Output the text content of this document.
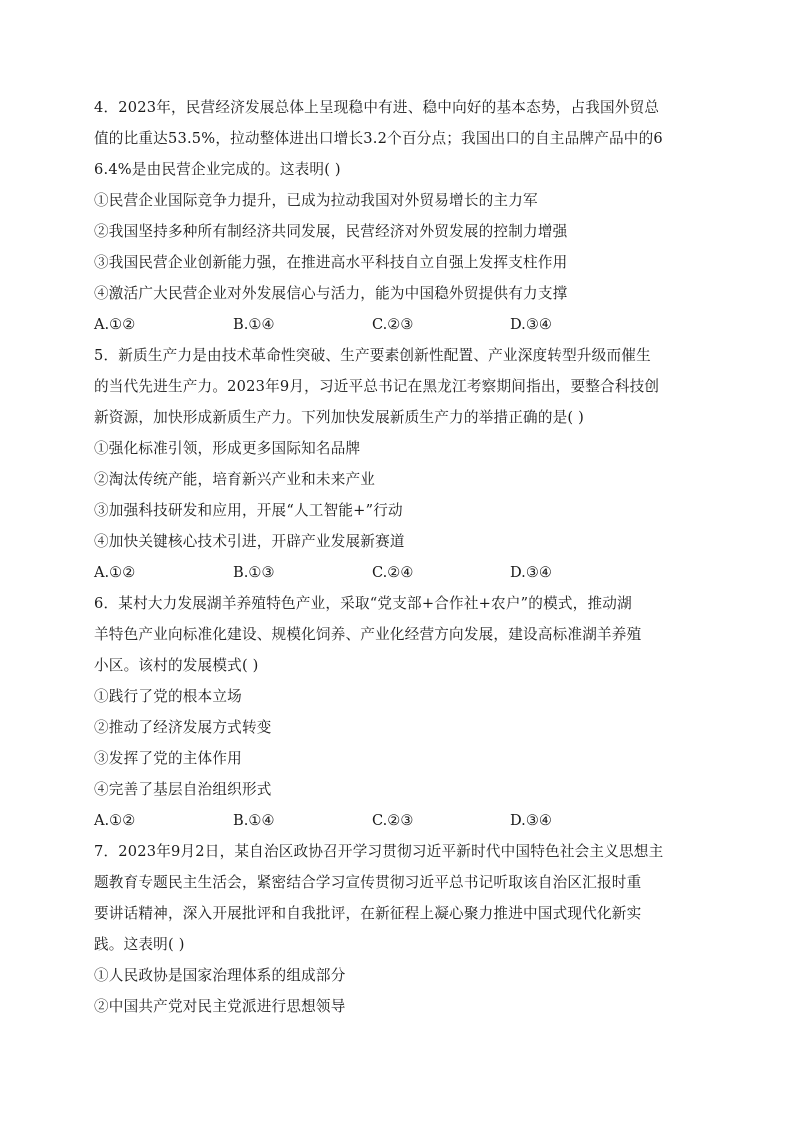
4．2023年，民营经济发展总体上呈现稳中有进、稳中向好的基本态势，占我国外贸总
值的比重达53.5%，拉动整体进出口增长3.2个百分点；我国出口的自主品牌产品中的6
6.4%是由民营企业完成的。这表明( )
①民营企业国际竞争力提升，已成为拉动我国对外贸易增长的主力军
②我国坚持多种所有制经济共同发展，民营经济对外贸发展的控制力增强
③我国民营企业创新能力强，在推进高水平科技自立自强上发挥支柱作用
④激活广大民营企业对外发展信心与活力，能为中国稳外贸提供有力支撑
A.①②	B.①④	C.②③	D.③④
5．新质生产力是由技术革命性突破、生产要素创新性配置、产业深度转型升级而催生
的当代先进生产力。2023年9月，习近平总书记在黑龙江考察期间指出，要整合科技创
新资源，加快形成新质生产力。下列加快发展新质生产力的举措正确的是( )
①强化标准引领，形成更多国际知名品牌
②淘汰传统产能，培育新兴产业和未来产业
③加强科技研发和应用，开展“人工智能+”行动
④加快关键核心技术引进，开辟产业发展新赛道
A.①②	B.①③	C.②④	D.③④
6．某村大力发展湖羊养殖特色产业，采取“党支部+合作社+农户”的模式，推动湖
羊特色产业向标准化建设、规模化饲养、产业化经营方向发展，建设高标准湖羊养殖
小区。该村的发展模式( )
①践行了党的根本立场
②推动了经济发展方式转变
③发挥了党的主体作用
④完善了基层自治组织形式
A.①②	B.①④	C.②③	D.③④
7．2023年9月2日，某自治区政协召开学习贯彻习近平新时代中国特色社会主义思想主
题教育专题民主生活会，紧密结合学习宣传贯彻习近平总书记听取该自治区汇报时重
要讲话精神，深入开展批评和自我批评，在新征程上凝心聚力推进中国式现代化新实
践。这表明( )
①人民政协是国家治理体系的组成部分
②中国共产党对民主党派进行思想领导
